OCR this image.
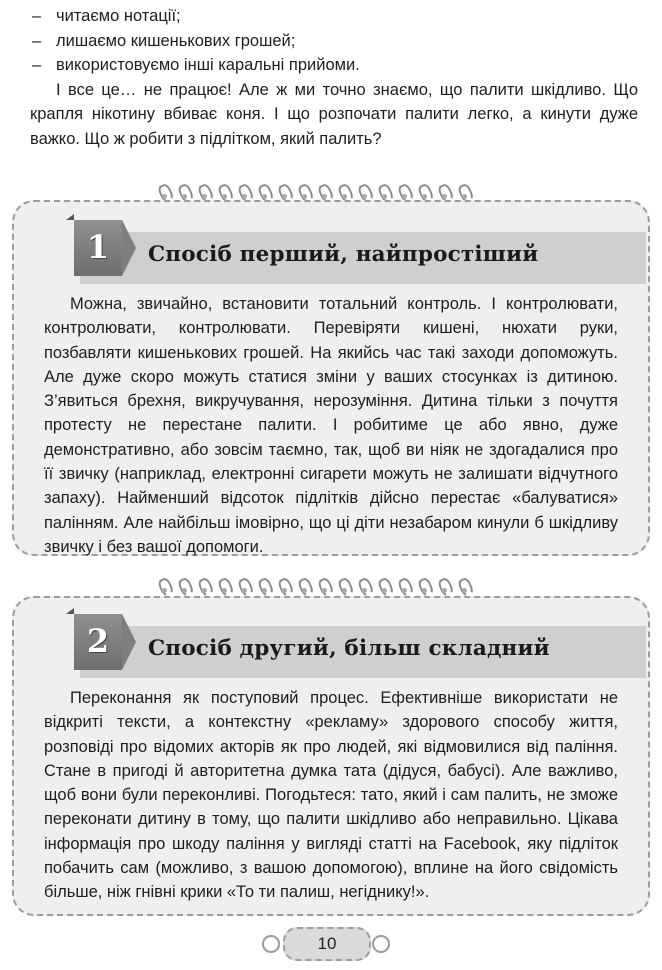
– читаємо нотації;
– лишаємо кишенькових грошей;
– використовуємо інші каральні прийоми.

І все це… не працює! Але ж ми точно знаємо, що палити шкідливо. Що крапля нікотину вбиває коня. І що розпочати палити легко, а кинути дуже важко. Що ж робити з підлітком, який палить?

1	Спосіб перший, найпростіший
Можна, звичайно, встановити тотальний контроль. І контролювати, контролювати, контролювати. Перевіряти кишені, нюхати руки, позбавляти кишенькових грошей. На якийсь час такі заходи допоможуть. Але дуже скоро можуть статися зміни у ваших стосунках із дитиною. З’явиться брехня, викручування, нерозуміння. Дитина тільки з почуття протесту не перестане палити. І робитиме це або явно, дуже демонстративно, або зовсім таємно, так, щоб ви ніяк не здогадалися про її звичку (наприклад, електронні сигарети можуть не залишати відчутного запаху). Найменший відсоток підлітків дійсно перестає «балуватися» палінням. Але найбільш імовірно, що ці діти незабаром кинули б шкідливу звичку і без вашої допомоги.
2	Спосіб другий, більш складний
Переконання як поступовий процес. Ефективніше використати не відкриті тексти, а контекстну «рекламу» здорового способу життя, розповіді про відомих акторів як про людей, які відмовилися від паління. Стане в пригоді й авторитетна думка тата (дідуся, бабусі). Але важливо, щоб вони були переконливі. Погодьтеся: тато, який і сам палить, не зможе переконати дитину в тому, що палити шкідливо або неправильно. Цікава інформація про шкоду паління у вигляді статті на Facebook, яку підліток побачить сам (можливо, з вашою допомогою), вплине на його свідомість більше, ніж гнівні крики «То ти палиш, негіднику!».
10
